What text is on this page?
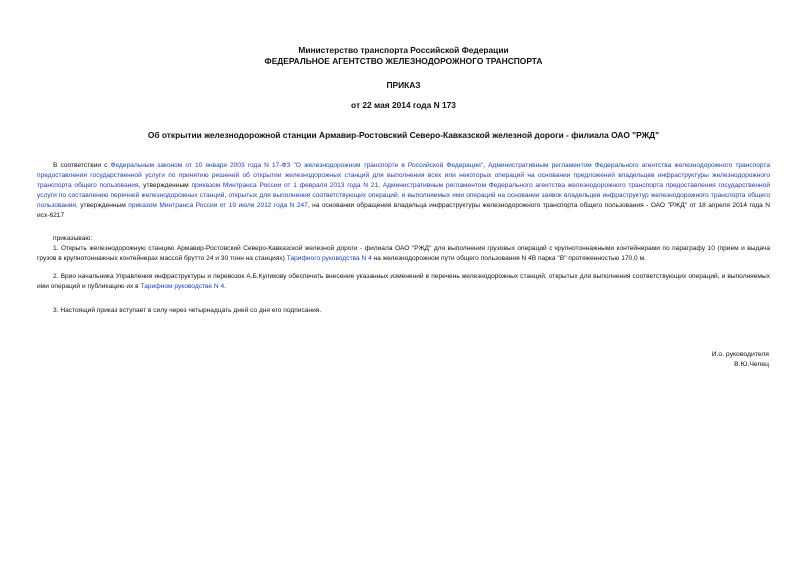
Министерство транспорта Российской Федерации
ФЕДЕРАЛЬНОЕ АГЕНТСТВО ЖЕЛЕЗНОДОРОЖНОГО ТРАНСПОРТА
ПРИКАЗ
от 22 мая 2014 года N 173
Об открытии железнодорожной станции Армавир-Ростовский Северо-Кавказской железной дороги - филиала ОАО "РЖД"

В соответствии с Федеральным законом от 10 января 2003 года N 17-ФЗ "О железнодорожном транспорте в Российской Федерации", Административным регламентом Федерального агентства железнодорожного транспорта предоставления государственной услуги по принятию решений об открытии железнодорожных станций для выполнения всех или некоторых операций на основании предложений владельцев инфраструктуры железнодорожного транспорта общего пользования, утвержденным приказом Минтранса России от 1 февраля 2013 года N 21, Административным регламентом Федерального агентства железнодорожного транспорта предоставления государственной услуги по составлению перечней железнодорожных станций, открытых для выполнения соответствующих операций, и выполняемых ими операций на основании заявок владельцев инфраструктур железнодорожного транспорта общего пользования, утвержденным приказом Минтранса России от 19 июля 2012 года N 247, на основании обращения владельца инфраструктуры железнодорожного транспорта общего пользования - ОАО "РЖД" от 18 апреля 2014 года N исх-6217

приказываю:

1. Открыть железнодорожную станцию Армавир-Ростовский Северо-Кавказской железной дороги - филиала ОАО "РЖД" для выполнения грузовых операций с крупнотоннажными контейнерами по параграфу 10 (прием и выдача грузов в крупнотоннажных контейнерах массой брутто 24 и 30 тонн на станциях) Тарифного руководства N 4 на железнодорожном пути общего пользования N 4В парка "В" протяженностью 170,0 м.

2. Врио начальника Управления инфраструктуры и перевозок А.Б.Куликову обеспечить внесение указанных изменений в перечень железнодорожных станций, открытых для выполнения соответствующих операций, и выполняемых ими операций и публикацию их в Тарифном руководстве N 4.

3. Настоящий приказ вступает в силу через четырнадцать дней со дня его подписания.

И.о. руководителя
В.Ю.Чепец
